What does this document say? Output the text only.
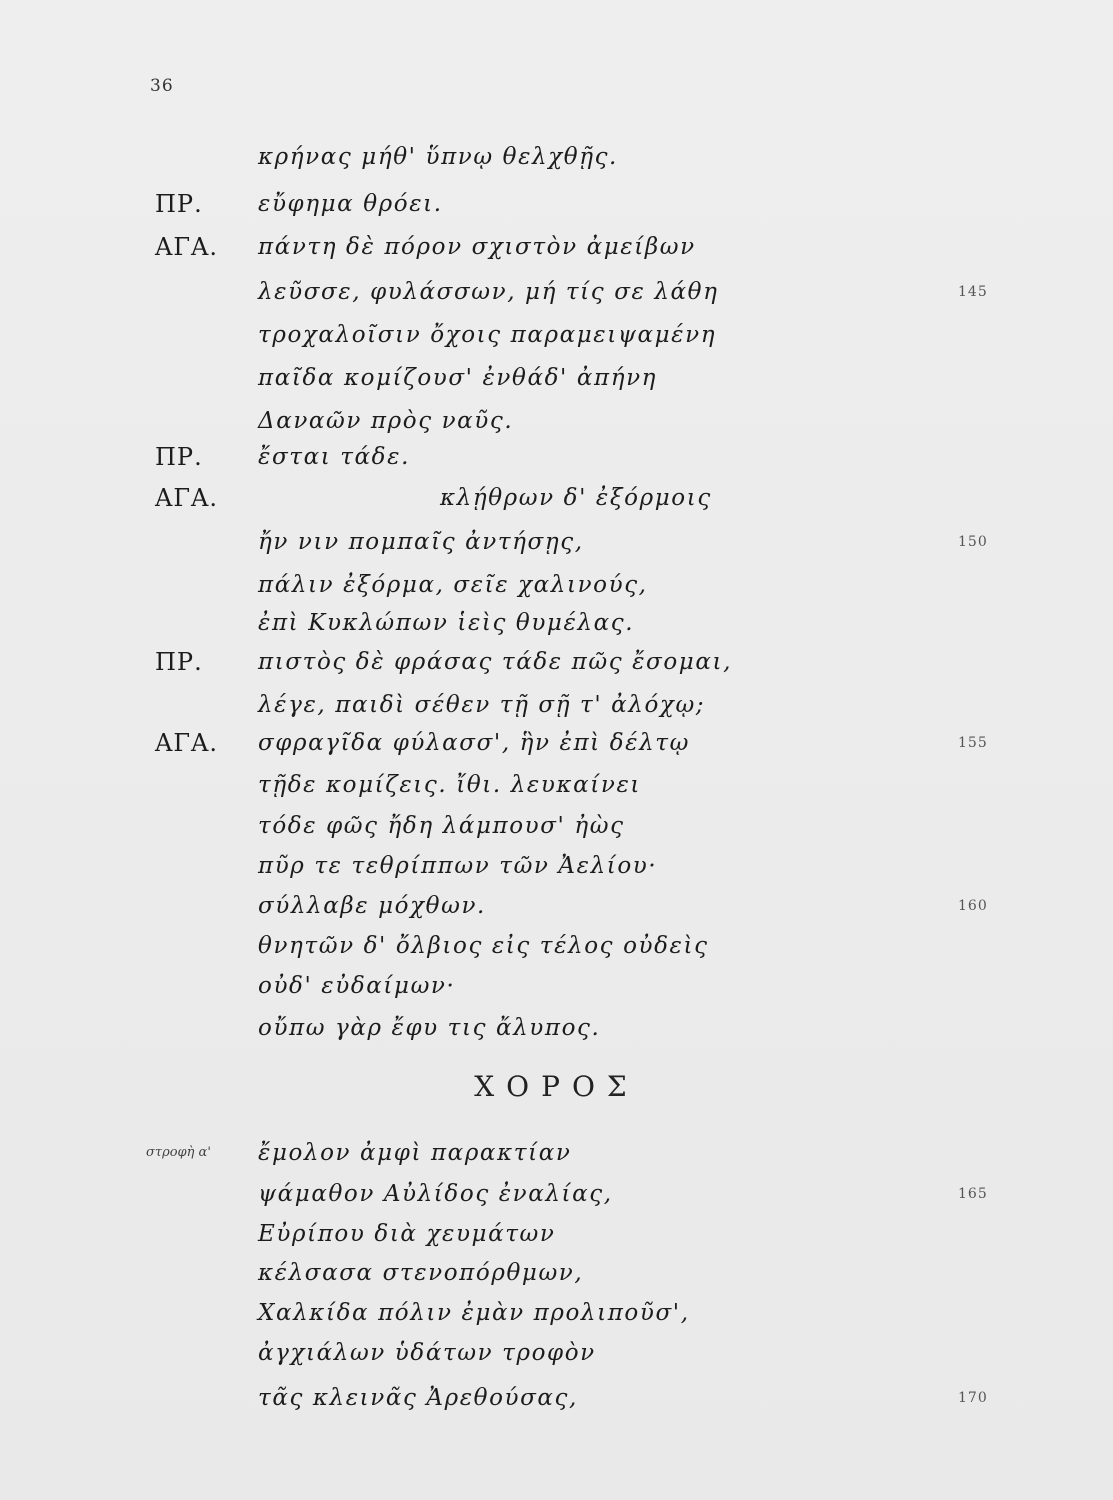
36
κρήνας μήθ' ὕπνῳ θελχθῇς.
ΠΡ. εὔφημα θρόει.
ΑΓΑ. πάντη δὲ πόρον σχιστὸν ἀμείβων
λεῦσσε, φυλάσσων, μή τίς σε λάθη	145
τροχαλοῖσιν ὄχοις παραμειψαμένη
παῖδα κομίζουσ' ἐνθάδ' ἀπήνη
Δαναῶν πρὸς ναῦς.
ΠΡ. ἔσται τάδε.
ΑΓΑ.	κλῄθρων δ' ἐξόρμοις
ἤν νιν πομπαῖς ἀντήσῃς,	150
πάλιν ἐξόρμα, σεῖε χαλινούς,
ἐπὶ Κυκλώπων ἱεὶς θυμέλας.
ΠΡ. πιστὸς δὲ φράσας τάδε πῶς ἔσομαι,
λέγε, παιδὶ σέθεν τῇ σῇ τ' ἀλόχῳ;
ΑΓΑ. σφραγῖδα φύλασσ', ἣν ἐπὶ δέλτῳ	155
τῇδε κομίζεις. ἴθι. λευκαίνει
τόδε φῶς ἤδη λάμπουσ' ἠὼς
πῦρ τε τεθρίππων τῶν Ἀελίου·
σύλλαβε μόχθων.	160
θνητῶν δ' ὄλβιος εἰς τέλος οὐδεὶς
οὐδ' εὐδαίμων·
οὔπω γὰρ ἔφυ τις ἄλυπος.
ΧΟΡΟΣ
στροφὴ α' ἔμολον ἀμφὶ παρακτίαν
ψάμαθον Αὐλίδος ἐναλίας,	165
Εὐρίπου διὰ χευμάτων
κέλσασα στενοπόρθμων,
Χαλκίδα πόλιν ἐμὰν προλιποῦσ',
ἀγχιάλων ὑδάτων τροφὸν
τᾶς κλεινᾶς Ἀρεθούσας,	170
